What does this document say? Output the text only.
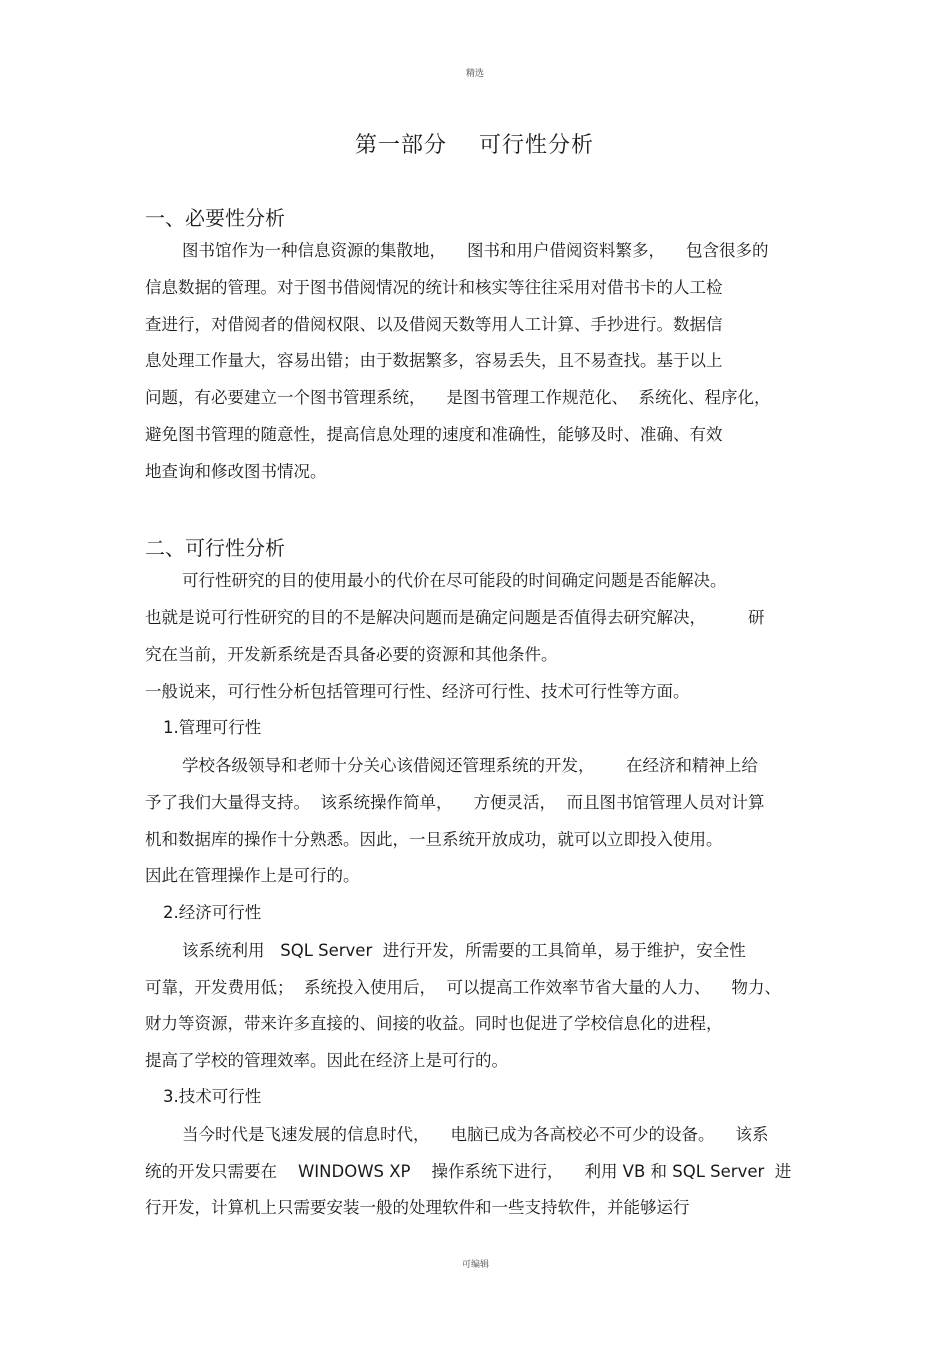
精选
可编辑
第一部分    可行性分析
一、必要性分析
图书馆作为一种信息资源的集散地，    图书和用户借阅资料繁多，    包含很多的
信息数据的管理。对于图书借阅情况的统计和核实等往往采用对借书卡的人工检
查进行，对借阅者的借阅权限、以及借阅天数等用人工计算、手抄进行。数据信
息处理工作量大，容易出错；由于数据繁多，容易丢失，且不易查找。基于以上
问题，有必要建立一个图书管理系统，    是图书管理工作规范化、  系统化、程序化，
避免图书管理的随意性，提高信息处理的速度和准确性，能够及时、准确、有效
地查询和修改图书情况。
二、可行性分析
可行性研究的目的使用最小的代价在尽可能段的时间确定问题是否能解决。
也就是说可行性研究的目的不是解决问题而是确定问题是否值得去研究解决，        研
究在当前，开发新系统是否具备必要的资源和其他条件。
一般说来，可行性分析包括管理可行性、经济可行性、技术可行性等方面。
1.管理可行性
学校各级领导和老师十分关心该借阅还管理系统的开发，      在经济和精神上给
予了我们大量得支持。  该系统操作简单，    方便灵活，  而且图书馆管理人员对计算
机和数据库的操作十分熟悉。因此，一旦系统开放成功，就可以立即投入使用。
因此在管理操作上是可行的。
2.经济可行性
该系统利用   SQL Server  进行开发，所需要的工具简单，易于维护，安全性
可靠，开发费用低；  系统投入使用后，  可以提高工作效率节省大量的人力、    物力、
财力等资源，带来许多直接的、间接的收益。同时也促进了学校信息化的进程，
提高了学校的管理效率。因此在经济上是可行的。
3.技术可行性
当今时代是飞速发展的信息时代，    电脑已成为各高校必不可少的设备。    该系
统的开发只需要在    WINDOWS XP    操作系统下进行，    利用 VB 和 SQL Server  进
行开发，计算机上只需要安装一般的处理软件和一些支持软件，并能够运行
